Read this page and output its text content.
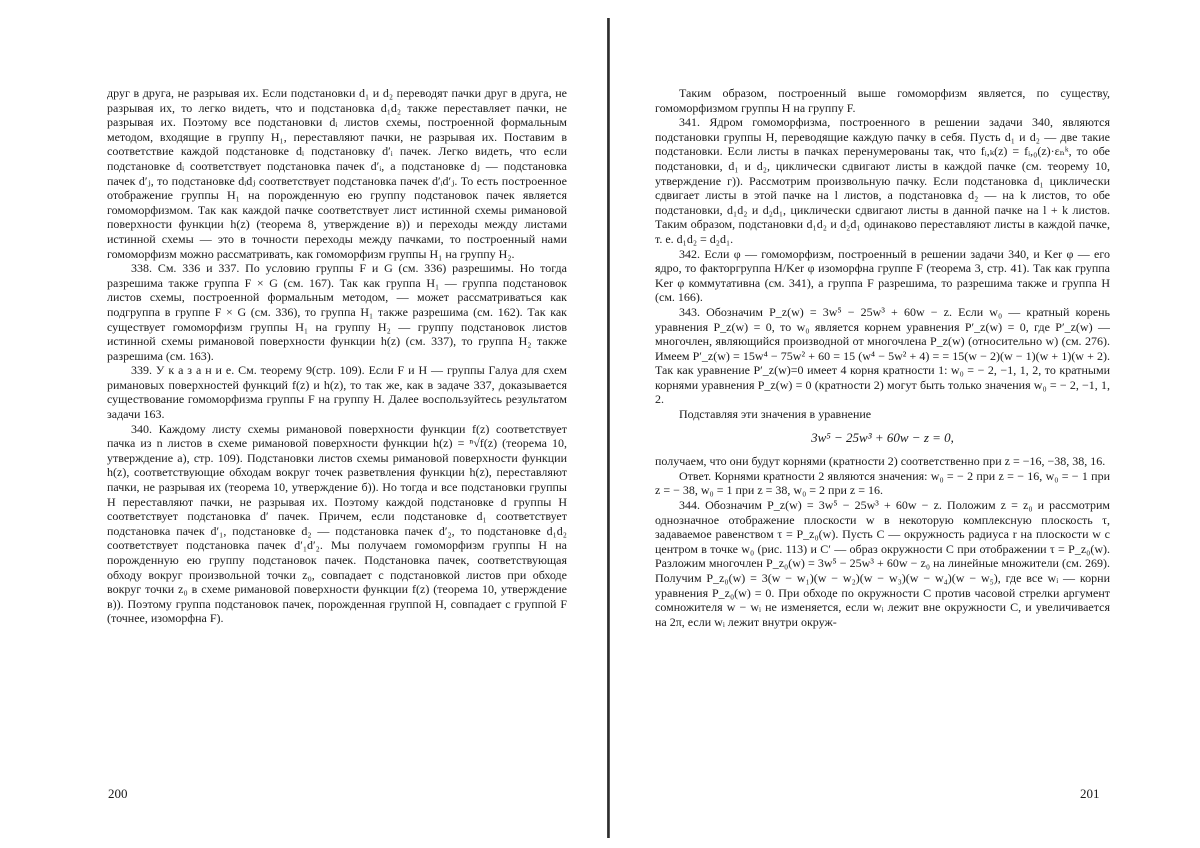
друг в друга, не разрывая их. Если подстановки d₁ и d₂ переводят пачки друг в друга, не разрывая их, то легко видеть, что и подстановка d₁d₂ также переставляет пачки, не разрывая их. Поэтому все подстановки dᵢ листов схемы, построенной формальным методом, входящие в группу H₁, переставляют пачки, не разрывая их. Поставим в соответствие каждой подстановке dᵢ подстановку d′ᵢ пачек. Легко видеть, что если подстановке dᵢ соответствует подстановка пачек d′ᵢ, а подстановке dⱼ — подстановка пачек d′ⱼ, то подстановке dᵢdⱼ соответствует подстановка пачек d′ᵢd′ⱼ. То есть построенное отображение группы H₁ на порожденную ею группу подстановок пачек является гомоморфизмом. Так как каждой пачке соответствует лист истинной схемы римановой поверхности функции h(z) (теорема 8, утверждение в)) и переходы между листами истинной схемы — это в точности переходы между пачками, то построенный нами гомоморфизм можно рассматривать, как гомоморфизм группы H₁ на группу H₂.

338. См. 336 и 337. По условию группы F и G (см. 336) разрешимы. Но тогда разрешима также группа F × G (см. 167). Так как группа H₁ — группа подстановок листов схемы, построенной формальным методом, — может рассматриваться как подгруппа в группе F × G (см. 336), то группа H₁ также разрешима (см. 162). Так как существует гомоморфизм группы H₁ на группу H₂ — группу подстановок листов истинной схемы римановой поверхности функции h(z) (см. 337), то группа H₂ также разрешима (см. 163).

339. У к а з а н и е. См. теорему 9(стр. 109). Если F и H — группы Галуа для схем римановых поверхностей функций f(z) и h(z), то так же, как в задаче 337, доказывается существование гомоморфизма группы F на группу H. Далее воспользуйтесь результатом задачи 163.

340. Каждому листу схемы римановой поверхности функции f(z) соответствует пачка из n листов в схеме римановой поверхности функции h(z) = ⁿ√f(z) (теорема 10, утверждение а), стр. 109). Подстановки листов схемы римановой поверхности функции h(z), соответствующие обходам вокруг точек разветвления функции h(z), переставляют пачки, не разрывая их (теорема 10, утверждение б)). Но тогда и все подстановки группы H переставляют пачки, не разрывая их. Поэтому каждой подстановке d группы H соответствует подстановка d′ пачек. Причем, если подстановке d₁ соответствует подстановка пачек d′₁, подстановке d₂ — подстановка пачек d′₂, то подстановке d₁d₂ соответствует подстановка пачек d′₁d′₂. Мы получаем гомоморфизм группы H на порожденную ею группу подстановок пачек. Подстановка пачек, соответствующая обходу вокруг произвольной точки z₀, совпадает с подстановкой листов при обходе вокруг точки z₀ в схеме римановой поверхности функции f(z) (теорема 10, утверждение в)). Поэтому группа подстановок пачек, порожденная группой H, совпадает с группой F (точнее, изоморфна F).

200

Таким образом, построенный выше гомоморфизм является, по существу, гомоморфизмом группы H на группу F.

341. Ядром гомоморфизма, построенного в решении задачи 340, являются подстановки группы H, переводящие каждую пачку в себя. Пусть d₁ и d₂ — две такие подстановки. Если листы в пачках перенумерованы так, что fᵢ,ₖ(z) = fᵢ,₀(z)·εₙᵏ, то обе подстановки, d₁ и d₂, циклически сдвигают листы в каждой пачке (см. теорему 10, утверждение г)). Рассмотрим произвольную пачку. Если подстановка d₁ циклически сдвигает листы в этой пачке на l листов, а подстановка d₂ — на k листов, то обе подстановки, d₁d₂ и d₂d₁, циклически сдвигают листы в данной пачке на l + k листов. Таким образом, подстановки d₁d₂ и d₂d₁ одинаково переставляют листы в каждой пачке, т. е. d₁d₂ = d₂d₁.

342. Если φ — гомоморфизм, построенный в решении задачи 340, и Ker φ — его ядро, то факторгруппа H/Ker φ изоморфна группе F (теорема 3, стр. 41). Так как группа Ker φ коммутативна (см. 341), а группа F разрешима, то разрешима также и группа H (см. 166).

343. Обозначим P_z(w) = 3w⁵ − 25w³ + 60w − z. Если w₀ — кратный корень уравнения P_z(w) = 0, то w₀ является корнем уравнения P′_z(w) = 0, где P′_z(w) — многочлен, являющийся производной от многочлена P_z(w) (относительно w) (см. 276). Имеем P′_z(w) = 15w⁴ − 75w² + 60 = 15 (w⁴ − 5w² + 4) = = 15(w − 2)(w − 1)(w + 1)(w + 2). Так как уравнение P′_z(w)=0 имеет 4 корня кратности 1: w₀ = − 2, −1, 1, 2, то кратными корнями уравнения P_z(w) = 0 (кратности 2) могут быть только значения w₀ = − 2, −1, 1, 2.

Подставляя эти значения в уравнение

3w⁵ − 25w³ + 60w − z = 0,

получаем, что они будут корнями (кратности 2) соответственно при z = −16, −38, 38, 16.

Ответ. Корнями кратности 2 являются значения: w₀ = − 2 при z = − 16, w₀ = − 1 при z = − 38, w₀ = 1 при z = 38, w₀ = 2 при z = 16.

344. Обозначим P_z(w) = 3w⁵ − 25w³ + 60w − z. Положим z = z₀ и рассмотрим однозначное отображение плоскости w в некоторую комплексную плоскость τ, задаваемое равенством τ = P_z₀(w). Пусть C — окружность радиуса r на плоскости w с центром в точке w₀ (рис. 113) и C′ — образ окружности C при отображении τ = P_z₀(w). Разложим многочлен P_z₀(w) = 3w⁵ − 25w³ + 60w − z₀ на линейные множители (см. 269). Получим P_z₀(w) = 3(w − w₁)(w − w₂)(w − w₃)(w − w₄)(w − w₅), где все wᵢ — корни уравнения P_z₀(w) = 0. При обходе по окружности C против часовой стрелки аргумент сомножителя w − wᵢ не изменяется, если wᵢ лежит вне окружности C, и увеличивается на 2π, если wᵢ лежит внутри окруж-

201
